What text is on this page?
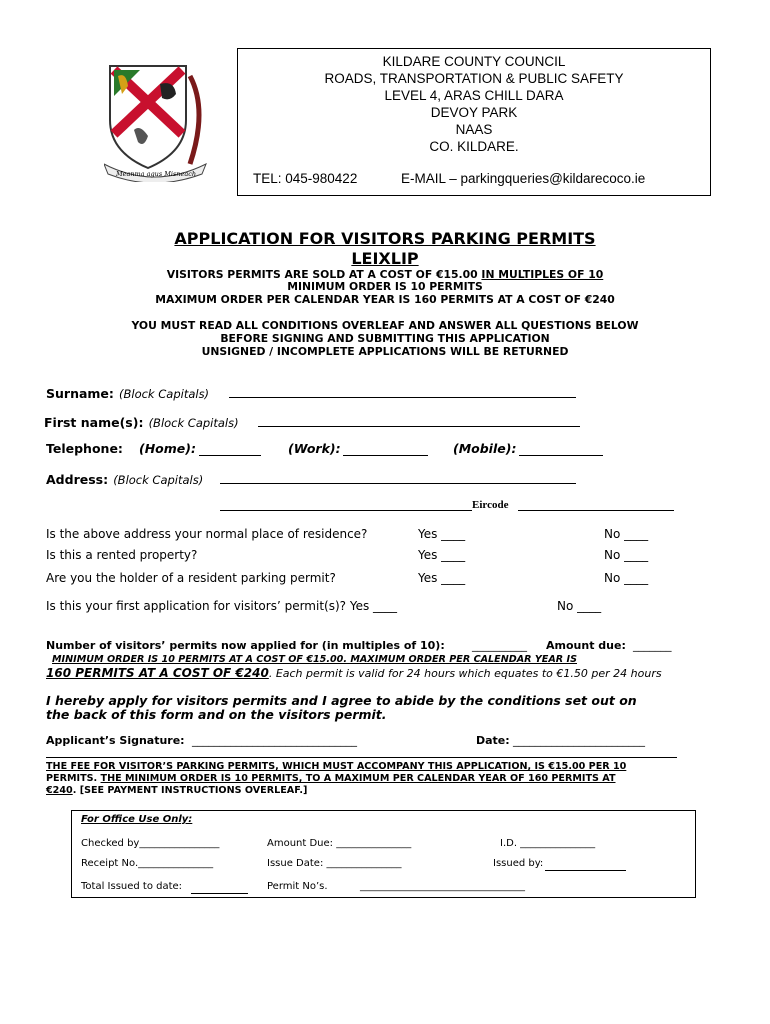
Meanma agus Misneach
KILDARE COUNTY COUNCIL
ROADS, TRANSPORTATION & PUBLIC SAFETY
LEVEL 4, ARAS CHILL DARA
DEVOY PARK
NAAS
CO. KILDARE.
TEL: 045-980422	E-MAIL – parkingqueries@kildarecoco.ie
APPLICATION FOR VISITORS PARKING PERMITS
LEIXLIP
VISITORS PERMITS ARE SOLD AT A COST OF €15.00 IN MULTIPLES OF 10
MINIMUM ORDER IS 10 PERMITS
MAXIMUM ORDER PER CALENDAR YEAR IS 160 PERMITS AT A COST OF €240
YOU MUST READ ALL CONDITIONS OVERLEAF AND ANSWER ALL QUESTIONS BELOW
BEFORE SIGNING AND SUBMITTING THIS APPLICATION
UNSIGNED / INCOMPLETE APPLICATIONS WILL BE RETURNED
Surname: (Block Capitals)
First name(s): (Block Capitals)
Telephone: (Home):	(Work):	(Mobile):
Address: (Block Capitals)
Eircode
Is the above address your normal place of residence?	Yes ____	No ____
Is this a rented property?	Yes ____	No ____
Are you the holder of a resident parking permit?	Yes ____	No ____
Is this your first application for visitors’ permit(s)? Yes ____	No ____
Number of visitors’ permits now applied for (in multiples of 10): __________ Amount due: _______
MINIMUM ORDER IS 10 PERMITS AT A COST OF €15.00. MAXIMUM ORDER PER CALENDAR YEAR IS
160 PERMITS AT A COST OF €240. Each permit is valid for 24 hours which equates to €1.50 per 24 hours
I hereby apply for visitors permits and I agree to abide by the conditions set out on
the back of this form and on the visitors permit.
Applicant’s Signature: ______________________________	Date: ________________________
THE FEE FOR VISITOR’S PARKING PERMITS, WHICH MUST ACCOMPANY THIS APPLICATION, IS €15.00 PER 10
PERMITS. THE MINIMUM ORDER IS 10 PERMITS, TO A MAXIMUM PER CALENDAR YEAR OF 160 PERMITS AT
€240. [SEE PAYMENT INSTRUCTIONS OVERLEAF.]
For Office Use Only:
Checked by________________	Amount Due: _______________	I.D. _______________
Receipt No._______________	Issue Date: _______________	Issued by:
Total Issued to date:	Permit No’s.	_________________________________
